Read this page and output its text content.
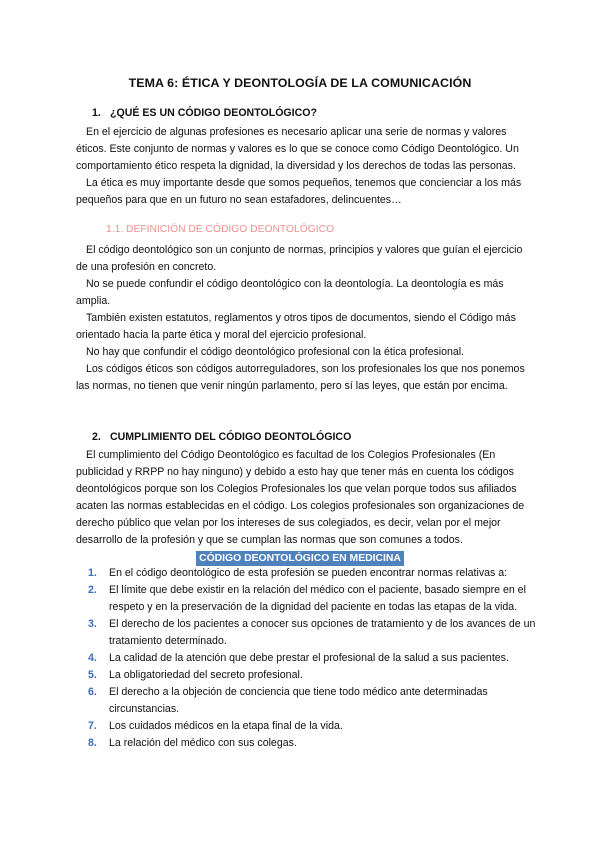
TEMA 6: ÉTICA Y DEONTOLOGÍA DE LA COMUNICACIÓN
1. ¿QUÉ ES UN CÓDIGO DEONTOLÓGICO?

En el ejercicio de algunas profesiones es necesario aplicar una serie de normas y valores éticos. Este conjunto de normas y valores es lo que se conoce como Código Deontológico. Un comportamiento ético respeta la dignidad, la diversidad y los derechos de todas las personas.

La ética es muy importante desde que somos pequeños, tenemos que concienciar a los más pequeños para que en un futuro no sean estafadores, delincuentes…

1.1. DEFINICIÓN DE CÓDIGO DEONTOLÓGICO

El código deontológico son un conjunto de normas, principios y valores que guían el ejercicio de una profesión en concreto.

No se puede confundir el código deontológico con la deontología. La deontología es más amplia.

También existen estatutos, reglamentos y otros tipos de documentos, siendo el Código más orientado hacia la parte ética y moral del ejercicio profesional.

No hay que confundir el código deontológico profesional con la ética profesional.

Los códigos éticos son códigos autorreguladores, son los profesionales los que nos ponemos las normas, no tienen que venir ningún parlamento, pero sí las leyes, que están por encima.

2. CUMPLIMIENTO DEL CÓDIGO DEONTOLÓGICO

El cumplimiento del Código Deontológico es facultad de los Colegios Profesionales (En publicidad y RRPP no hay ninguno) y debido a esto hay que tener más en cuenta los códigos deontológicos porque son los Colegios Profesionales los que velan porque todos sus afiliados acaten las normas establecidas en el código. Los colegios profesionales son organizaciones de derecho público que velan por los intereses de sus colegiados, es decir, velan por el mejor desarrollo de la profesión y que se cumplan las normas que son comunes a todos.

CÓDIGO DEONTOLÓGICO EN MEDICINA
1. En el código deontológico de esta profesión se pueden encontrar normas relativas a:
2. El límite que debe existir en la relación del médico con el paciente, basado siempre en el respeto y en la preservación de la dignidad del paciente en todas las etapas de la vida.
3. El derecho de los pacientes a conocer sus opciones de tratamiento y de los avances de un tratamiento determinado.
4. La calidad de la atención que debe prestar el profesional de la salud a sus pacientes.
5. La obligatoriedad del secreto profesional.
6. El derecho a la objeción de conciencia que tiene todo médico ante determinadas circunstancias.
7. Los cuidados médicos en la etapa final de la vida.
8. La relación del médico con sus colegas.
